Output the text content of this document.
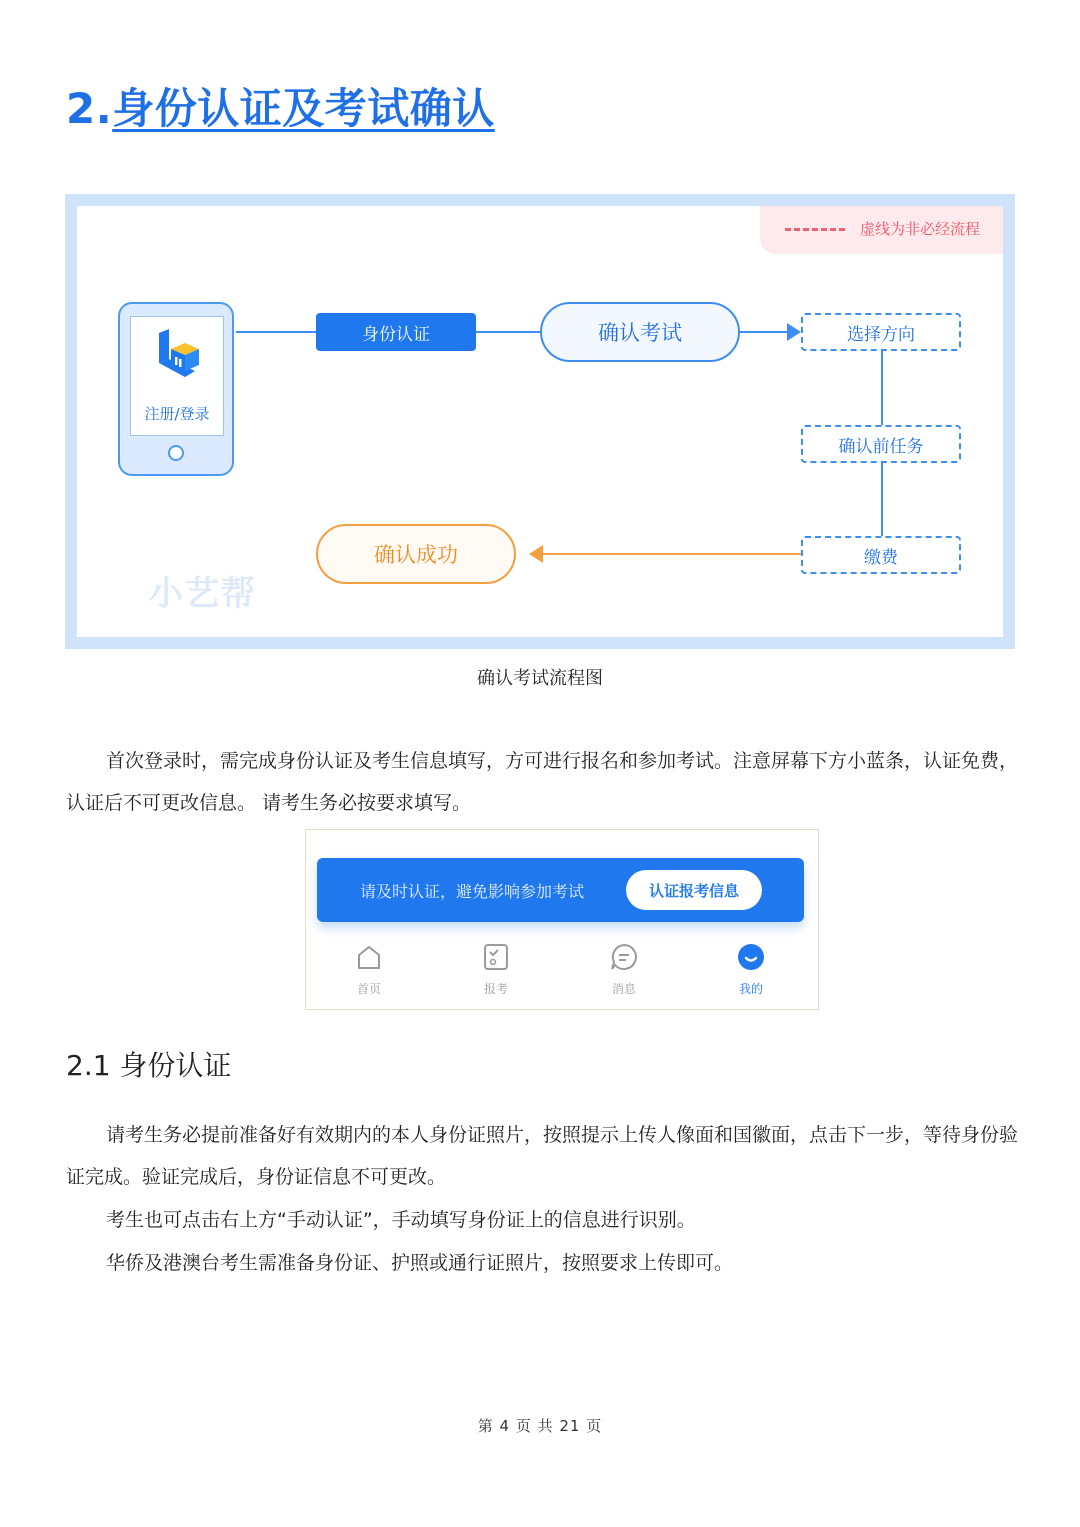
2.身份认证及考试确认
虚线为非必经流程
注册/登录
身份认证	确认考试	选择方向
确认前任务
缴费
确认成功
小艺帮
确认考试流程图

首次登录时，需完成身份认证及考生信息填写，方可进行报名和参加考试。注意屏幕下方小蓝条，认证免费，认证后不可更改信息。 请考生务必按要求填写。

请及时认证，避免影响参加考试	认证报考信息
首页	报考	消息	我的
2.1 身份认证

请考生务必提前准备好有效期内的本人身份证照片，按照提示上传人像面和国徽面，点击下一步，等待身份验证完成。验证完成后，身份证信息不可更改。

考生也可点击右上方“手动认证”，手动填写身份证上的信息进行识别。

华侨及港澳台考生需准备身份证、护照或通行证照片，按照要求上传即可。

第 4 页 共 21 页
